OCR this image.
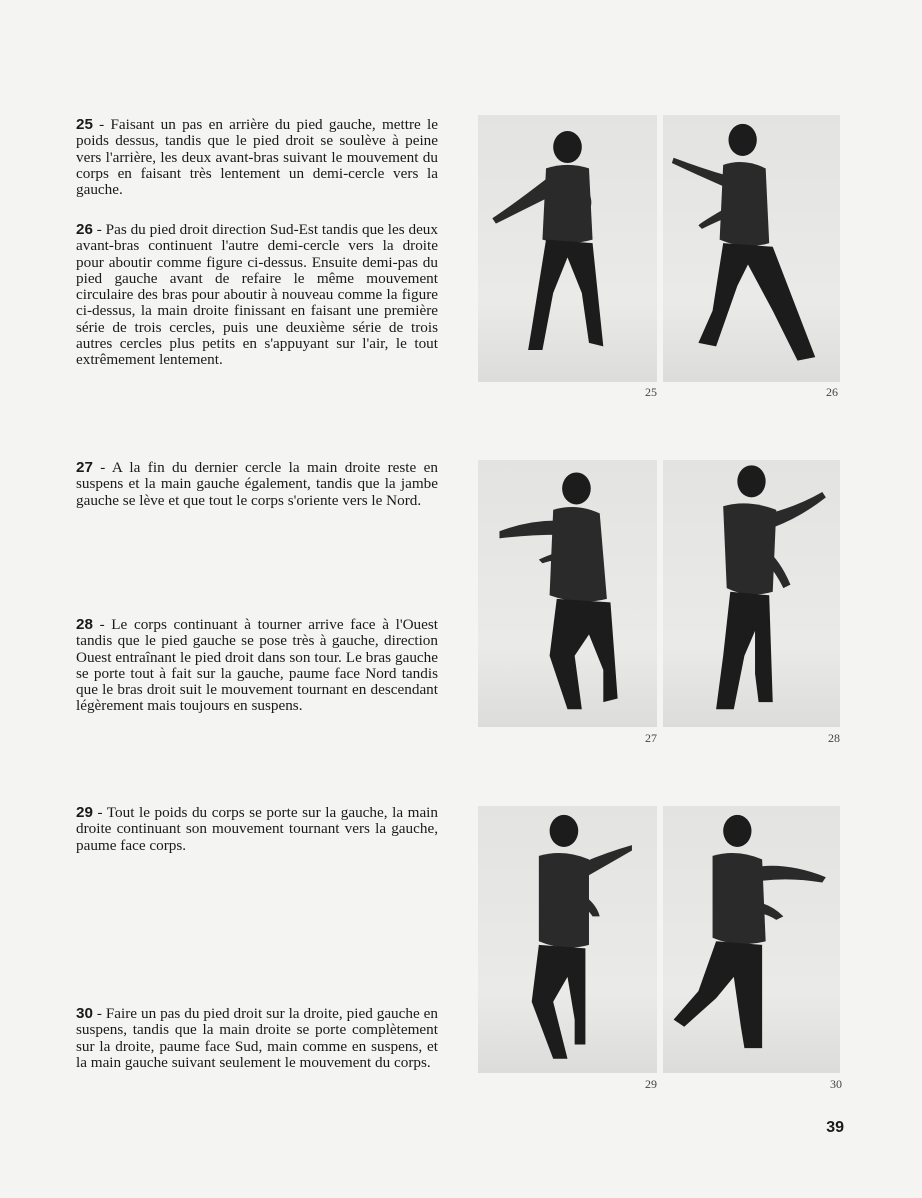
25 - Faisant un pas en arrière du pied gauche, mettre le poids dessus, tandis que le pied droit se soulève à peine vers l'arrière, les deux avant-bras suivant le mouvement du corps en faisant très lentement un demi-cercle vers la gauche.

26 - Pas du pied droit direction Sud-Est tandis que les deux avant-bras continuent l'autre demi-cercle vers la droite pour aboutir comme figure ci-dessus. Ensuite demi-pas du pied gauche avant de refaire le même mouvement circulaire des bras pour aboutir à nouveau comme la figure ci-dessus, la main droite finissant en faisant une première série de trois cercles, puis une deuxième série de trois autres cercles plus petits en s'appuyant sur l'air, le tout extrêmement lentement.

27 - A la fin du dernier cercle la main droite reste en suspens et la main gauche également, tandis que la jambe gauche se lève et que tout le corps s'oriente vers le Nord.

28 - Le corps continuant à tourner arrive face à l'Ouest tandis que le pied gauche se pose très à gauche, direction Ouest entraînant le pied droit dans son tour. Le bras gauche se porte tout à fait sur la gauche, paume face Nord tandis que le bras droit suit le mouvement tournant en descendant légèrement mais toujours en suspens.

29 - Tout le poids du corps se porte sur la gauche, la main droite continuant son mouvement tournant vers la gauche, paume face corps.

30 - Faire un pas du pied droit sur la droite, pied gauche en suspens, tandis que la main droite se porte complètement sur la droite, paume face Sud, main comme en suspens, et la main gauche suivant seulement le mouvement du corps.

25	26
27	28
29	30
39
